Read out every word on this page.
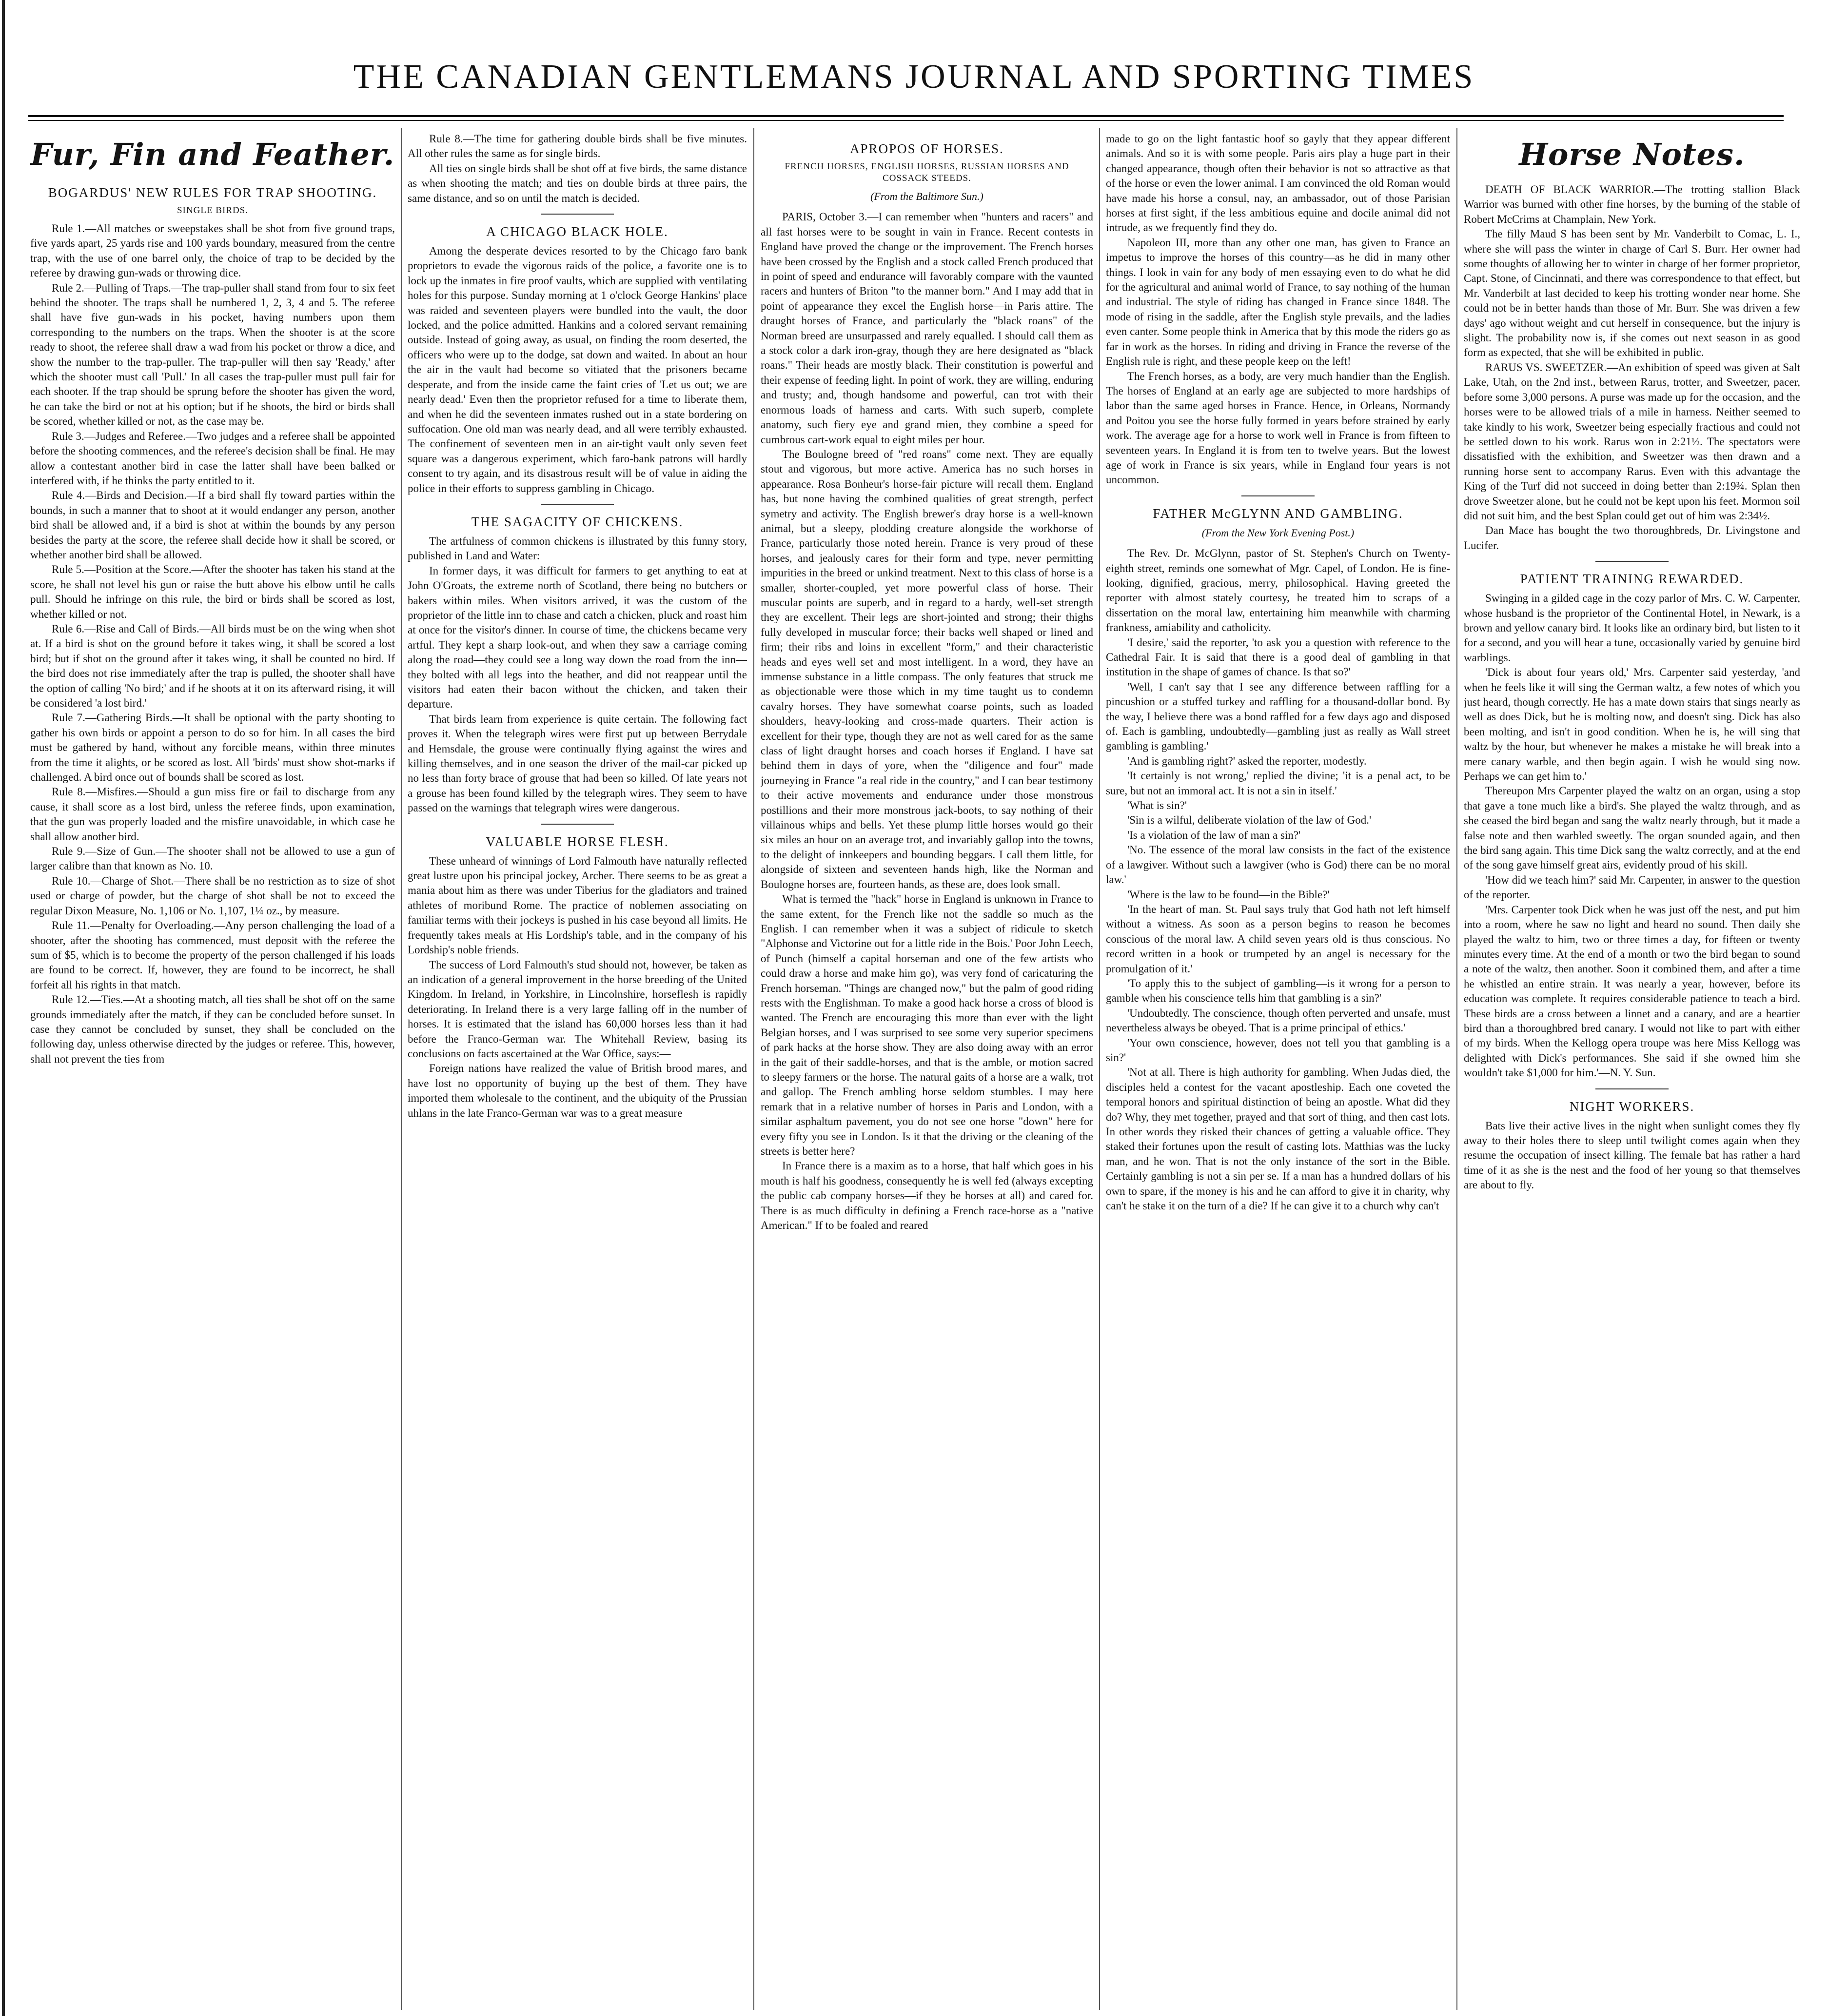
THE CANADIAN GENTLEMANS JOURNAL AND SPORTING TIMES
Fur, Fin and Feather.
BOGARDUS' NEW RULES FOR TRAP SHOOTING.
SINGLE BIRDS.

Rule 1.—All matches or sweepstakes shall be shot from five ground traps, five yards apart, 25 yards rise and 100 yards boundary, measured from the centre trap, with the use of one barrel only, the choice of trap to be decided by the referee by drawing gun-wads or throwing dice.

Rule 2.—Pulling of Traps.—The trap-puller shall stand from four to six feet behind the shooter. The traps shall be numbered 1, 2, 3, 4 and 5. The referee shall have five gun-wads in his pocket, having numbers upon them corresponding to the numbers on the traps. When the shooter is at the score ready to shoot, the referee shall draw a wad from his pocket or throw a dice, and show the number to the trap-puller. The trap-puller will then say 'Ready,' after which the shooter must call 'Pull.' In all cases the trap-puller must pull fair for each shooter. If the trap should be sprung before the shooter has given the word, he can take the bird or not at his option; but if he shoots, the bird or birds shall be scored, whether killed or not, as the case may be.

Rule 3.—Judges and Referee.—Two judges and a referee shall be appointed before the shooting commences, and the referee's decision shall be final. He may allow a contestant another bird in case the latter shall have been balked or interfered with, if he thinks the party entitled to it.

Rule 4.—Birds and Decision.—If a bird shall fly toward parties within the bounds, in such a manner that to shoot at it would endanger any person, another bird shall be allowed and, if a bird is shot at within the bounds by any person besides the party at the score, the referee shall decide how it shall be scored, or whether another bird shall be allowed.

Rule 5.—Position at the Score.—After the shooter has taken his stand at the score, he shall not level his gun or raise the butt above his elbow until he calls pull. Should he infringe on this rule, the bird or birds shall be scored as lost, whether killed or not.

Rule 6.—Rise and Call of Birds.—All birds must be on the wing when shot at. If a bird is shot on the ground before it takes wing, it shall be scored a lost bird; but if shot on the ground after it takes wing, it shall be counted no bird. If the bird does not rise immediately after the trap is pulled, the shooter shall have the option of calling 'No bird;' and if he shoots at it on its afterward rising, it will be considered 'a lost bird.'

Rule 7.—Gathering Birds.—It shall be optional with the party shooting to gather his own birds or appoint a person to do so for him. In all cases the bird must be gathered by hand, without any forcible means, within three minutes from the time it alights, or be scored as lost. All 'birds' must show shot-marks if challenged. A bird once out of bounds shall be scored as lost.

Rule 8.—Misfires.—Should a gun miss fire or fail to discharge from any cause, it shall score as a lost bird, unless the referee finds, upon examination, that the gun was properly loaded and the misfire unavoidable, in which case he shall allow another bird.

Rule 9.—Size of Gun.—The shooter shall not be allowed to use a gun of larger calibre than that known as No. 10.

Rule 10.—Charge of Shot.—There shall be no restriction as to size of shot used or charge of powder, but the charge of shot shall be not to exceed the regular Dixon Measure, No. 1,106 or No. 1,107, 1¼ oz., by measure.

Rule 11.—Penalty for Overloading.—Any person challenging the load of a shooter, after the shooting has commenced, must deposit with the referee the sum of $5, which is to become the property of the person challenged if his loads are found to be correct. If, however, they are found to be incorrect, he shall forfeit all his rights in that match.

Rule 12.—Ties.—At a shooting match, all ties shall be shot off on the same grounds immediately after the match, if they can be concluded before sunset. In case they cannot be concluded by sunset, they shall be concluded on the following day, unless otherwise directed by the judges or referee. This, however, shall not prevent the ties from

Rule 8.—The time for gathering double birds shall be five minutes. All other rules the same as for single birds.

All ties on single birds shall be shot off at five birds, the same distance as when shooting the match; and ties on double birds at three pairs, the same distance, and so on until the match is decided.

A CHICAGO BLACK HOLE.

Among the desperate devices resorted to by the Chicago faro bank proprietors to evade the vigorous raids of the police, a favorite one is to lock up the inmates in fire proof vaults, which are supplied with ventilating holes for this purpose. Sunday morning at 1 o'clock George Hankins' place was raided and seventeen players were bundled into the vault, the door locked, and the police admitted. Hankins and a colored servant remaining outside. Instead of going away, as usual, on finding the room deserted, the officers who were up to the dodge, sat down and waited. In about an hour the air in the vault had become so vitiated that the prisoners became desperate, and from the inside came the faint cries of 'Let us out; we are nearly dead.' Even then the proprietor refused for a time to liberate them, and when he did the seventeen inmates rushed out in a state bordering on suffocation. One old man was nearly dead, and all were terribly exhausted. The confinement of seventeen men in an air-tight vault only seven feet square was a dangerous experiment, which faro-bank patrons will hardly consent to try again, and its disastrous result will be of value in aiding the police in their efforts to suppress gambling in Chicago.

THE SAGACITY OF CHICKENS.

The artfulness of common chickens is illustrated by this funny story, published in Land and Water:

In former days, it was difficult for farmers to get anything to eat at John O'Groats, the extreme north of Scotland, there being no butchers or bakers within miles. When visitors arrived, it was the custom of the proprietor of the little inn to chase and catch a chicken, pluck and roast him at once for the visitor's dinner. In course of time, the chickens became very artful. They kept a sharp look-out, and when they saw a carriage coming along the road—they could see a long way down the road from the inn—they bolted with all legs into the heather, and did not reappear until the visitors had eaten their bacon without the chicken, and taken their departure.

That birds learn from experience is quite certain. The following fact proves it. When the telegraph wires were first put up between Berrydale and Hemsdale, the grouse were continually flying against the wires and killing themselves, and in one season the driver of the mail-car picked up no less than forty brace of grouse that had been so killed. Of late years not a grouse has been found killed by the telegraph wires. They seem to have passed on the warnings that telegraph wires were dangerous.

VALUABLE HORSE FLESH.

These unheard of winnings of Lord Falmouth have naturally reflected great lustre upon his principal jockey, Archer. There seems to be as great a mania about him as there was under Tiberius for the gladiators and trained athletes of moribund Rome. The practice of noblemen associating on familiar terms with their jockeys is pushed in his case beyond all limits. He frequently takes meals at His Lordship's table, and in the company of his Lordship's noble friends.

The success of Lord Falmouth's stud should not, however, be taken as an indication of a general improvement in the horse breeding of the United Kingdom. In Ireland, in Yorkshire, in Lincolnshire, horseflesh is rapidly deteriorating. In Ireland there is a very large falling off in the number of horses. It is estimated that the island has 60,000 horses less than it had before the Franco-German war. The Whitehall Review, basing its conclusions on facts ascertained at the War Office, says:—

Foreign nations have realized the value of British brood mares, and have lost no opportunity of buying up the best of them. They have imported them wholesale to the continent, and the ubiquity of the Prussian uhlans in the late Franco-German war was to a great measure

APROPOS OF HORSES.
FRENCH HORSES, ENGLISH HORSES, RUSSIAN HORSES AND COSSACK STEEDS.
(From the Baltimore Sun.)

PARIS, October 3.—I can remember when "hunters and racers" and all fast horses were to be sought in vain in France. Recent contests in England have proved the change or the improvement. The French horses have been crossed by the English and a stock called French produced that in point of speed and endurance will favorably compare with the vaunted racers and hunters of Briton "to the manner born." And I may add that in point of appearance they excel the English horse—in Paris attire. The draught horses of France, and particularly the "black roans" of the Norman breed are unsurpassed and rarely equalled. I should call them as a stock color a dark iron-gray, though they are here designated as "black roans." Their heads are mostly black. Their constitution is powerful and their expense of feeding light. In point of work, they are willing, enduring and trusty; and, though handsome and powerful, can trot with their enormous loads of harness and carts. With such superb, complete anatomy, such fiery eye and grand mien, they combine a speed for cumbrous cart-work equal to eight miles per hour.

The Boulogne breed of "red roans" come next. They are equally stout and vigorous, but more active. America has no such horses in appearance. Rosa Bonheur's horse-fair picture will recall them. England has, but none having the combined qualities of great strength, perfect symetry and activity. The English brewer's dray horse is a well-known animal, but a sleepy, plodding creature alongside the workhorse of France, particularly those noted herein. France is very proud of these horses, and jealously cares for their form and type, never permitting impurities in the breed or unkind treatment. Next to this class of horse is a smaller, shorter-coupled, yet more powerful class of horse. Their muscular points are superb, and in regard to a hardy, well-set strength they are excellent. Their legs are short-jointed and strong; their thighs fully developed in muscular force; their backs well shaped or lined and firm; their ribs and loins in excellent "form," and their characteristic heads and eyes well set and most intelligent. In a word, they have an immense substance in a little compass. The only features that struck me as objectionable were those which in my time taught us to condemn cavalry horses. They have somewhat coarse points, such as loaded shoulders, heavy-looking and cross-made quarters. Their action is excellent for their type, though they are not as well cared for as the same class of light draught horses and coach horses if England. I have sat behind them in days of yore, when the "diligence and four" made journeying in France "a real ride in the country," and I can bear testimony to their active movements and endurance under those monstrous postillions and their more monstrous jack-boots, to say nothing of their villainous whips and bells. Yet these plump little horses would go their six miles an hour on an average trot, and invariably gallop into the towns, to the delight of innkeepers and bounding beggars. I call them little, for alongside of sixteen and seventeen hands high, like the Norman and Boulogne horses are, fourteen hands, as these are, does look small.

What is termed the "hack" horse in England is unknown in France to the same extent, for the French like not the saddle so much as the English. I can remember when it was a subject of ridicule to sketch "Alphonse and Victorine out for a little ride in the Bois.' Poor John Leech, of Punch (himself a capital horseman and one of the few artists who could draw a horse and make him go), was very fond of caricaturing the French horseman. "Things are changed now," but the palm of good riding rests with the Englishman. To make a good hack horse a cross of blood is wanted. The French are encouraging this more than ever with the light Belgian horses, and I was surprised to see some very superior specimens of park hacks at the horse show. They are also doing away with an error in the gait of their saddle-horses, and that is the amble, or motion sacred to sleepy farmers or the horse. The natural gaits of a horse are a walk, trot and gallop. The French ambling horse seldom stumbles. I may here remark that in a relative number of horses in Paris and London, with a similar asphaltum pavement, you do not see one horse "down" here for every fifty you see in London. Is it that the driving or the cleaning of the streets is better here?

In France there is a maxim as to a horse, that half which goes in his mouth is half his goodness, consequently he is well fed (always excepting the public cab company horses—if they be horses at all) and cared for. There is as much difficulty in defining a French race-horse as a "native American." If to be foaled and reared

made to go on the light fantastic hoof so gayly that they appear different animals. And so it is with some people. Paris airs play a huge part in their changed appearance, though often their behavior is not so attractive as that of the horse or even the lower animal. I am convinced the old Roman would have made his horse a consul, nay, an ambassador, out of those Parisian horses at first sight, if the less ambitious equine and docile animal did not intrude, as we frequently find they do.

Napoleon III, more than any other one man, has given to France an impetus to improve the horses of this country—as he did in many other things. I look in vain for any body of men essaying even to do what he did for the agricultural and animal world of France, to say nothing of the human and industrial. The style of riding has changed in France since 1848. The mode of rising in the saddle, after the English style prevails, and the ladies even canter. Some people think in America that by this mode the riders go as far in work as the horses. In riding and driving in France the reverse of the English rule is right, and these people keep on the left!

The French horses, as a body, are very much handier than the English. The horses of England at an early age are subjected to more hardships of labor than the same aged horses in France. Hence, in Orleans, Normandy and Poitou you see the horse fully formed in years before strained by early work. The average age for a horse to work well in France is from fifteen to seventeen years. In England it is from ten to twelve years. But the lowest age of work in France is six years, while in England four years is not uncommon.

FATHER McGLYNN AND GAMBLING.
(From the New York Evening Post.)

The Rev. Dr. McGlynn, pastor of St. Stephen's Church on Twenty-eighth street, reminds one somewhat of Mgr. Capel, of London. He is fine-looking, dignified, gracious, merry, philosophical. Having greeted the reporter with almost stately courtesy, he treated him to scraps of a dissertation on the moral law, entertaining him meanwhile with charming frankness, amiability and catholicity.

'I desire,' said the reporter, 'to ask you a question with reference to the Cathedral Fair. It is said that there is a good deal of gambling in that institution in the shape of games of chance. Is that so?'

'Well, I can't say that I see any difference between raffling for a pincushion or a stuffed turkey and raffling for a thousand-dollar bond. By the way, I believe there was a bond raffled for a few days ago and disposed of. Each is gambling, undoubtedly—gambling just as really as Wall street gambling is gambling.'

'And is gambling right?' asked the reporter, modestly.

'It certainly is not wrong,' replied the divine; 'it is a penal act, to be sure, but not an immoral act. It is not a sin in itself.'

'What is sin?'

'Sin is a wilful, deliberate violation of the law of God.'

'Is a violation of the law of man a sin?'

'No. The essence of the moral law consists in the fact of the existence of a lawgiver. Without such a lawgiver (who is God) there can be no moral law.'

'Where is the law to be found—in the Bible?'

'In the heart of man. St. Paul says truly that God hath not left himself without a witness. As soon as a person begins to reason he becomes conscious of the moral law. A child seven years old is thus conscious. No record written in a book or trumpeted by an angel is necessary for the promulgation of it.'

'To apply this to the subject of gambling—is it wrong for a person to gamble when his conscience tells him that gambling is a sin?'

'Undoubtedly. The conscience, though often perverted and unsafe, must nevertheless always be obeyed. That is a prime principal of ethics.'

'Your own conscience, however, does not tell you that gambling is a sin?'

'Not at all. There is high authority for gambling. When Judas died, the disciples held a contest for the vacant apostleship. Each one coveted the temporal honors and spiritual distinction of being an apostle. What did they do? Why, they met together, prayed and that sort of thing, and then cast lots. In other words they risked their chances of getting a valuable office. They staked their fortunes upon the result of casting lots. Matthias was the lucky man, and he won. That is not the only instance of the sort in the Bible. Certainly gambling is not a sin per se. If a man has a hundred dollars of his own to spare, if the money is his and he can afford to give it in charity, why can't he stake it on the turn of a die? If he can give it to a church why can't

Horse Notes.

DEATH OF BLACK WARRIOR.—The trotting stallion Black Warrior was burned with other fine horses, by the burning of the stable of Robert McCrims at Champlain, New York.

The filly Maud S has been sent by Mr. Vanderbilt to Comac, L. I., where she will pass the winter in charge of Carl S. Burr. Her owner had some thoughts of allowing her to winter in charge of her former proprietor, Capt. Stone, of Cincinnati, and there was correspondence to that effect, but Mr. Vanderbilt at last decided to keep his trotting wonder near home. She could not be in better hands than those of Mr. Burr. She was driven a few days' ago without weight and cut herself in consequence, but the injury is slight. The probability now is, if she comes out next season in as good form as expected, that she will be exhibited in public.

RARUS VS. SWEETZER.—An exhibition of speed was given at Salt Lake, Utah, on the 2nd inst., between Rarus, trotter, and Sweetzer, pacer, before some 3,000 persons. A purse was made up for the occasion, and the horses were to be allowed trials of a mile in harness. Neither seemed to take kindly to his work, Sweetzer being especially fractious and could not be settled down to his work. Rarus won in 2:21½. The spectators were dissatisfied with the exhibition, and Sweetzer was then drawn and a running horse sent to accompany Rarus. Even with this advantage the King of the Turf did not succeed in doing better than 2:19¾. Splan then drove Sweetzer alone, but he could not be kept upon his feet. Mormon soil did not suit him, and the best Splan could get out of him was 2:34½.

Dan Mace has bought the two thoroughbreds, Dr. Livingstone and Lucifer.

PATIENT TRAINING REWARDED.

Swinging in a gilded cage in the cozy parlor of Mrs. C. W. Carpenter, whose husband is the proprietor of the Continental Hotel, in Newark, is a brown and yellow canary bird. It looks like an ordinary bird, but listen to it for a second, and you will hear a tune, occasionally varied by genuine bird warblings.

'Dick is about four years old,' Mrs. Carpenter said yesterday, 'and when he feels like it will sing the German waltz, a few notes of which you just heard, though correctly. He has a mate down stairs that sings nearly as well as does Dick, but he is molting now, and doesn't sing. Dick has also been molting, and isn't in good condition. When he is, he will sing that waltz by the hour, but whenever he makes a mistake he will break into a mere canary warble, and then begin again. I wish he would sing now. Perhaps we can get him to.'

Thereupon Mrs Carpenter played the waltz on an organ, using a stop that gave a tone much like a bird's. She played the waltz through, and as she ceased the bird began and sang the waltz nearly through, but it made a false note and then warbled sweetly. The organ sounded again, and then the bird sang again. This time Dick sang the waltz correctly, and at the end of the song gave himself great airs, evidently proud of his skill.

'How did we teach him?' said Mr. Carpenter, in answer to the question of the reporter.

'Mrs. Carpenter took Dick when he was just off the nest, and put him into a room, where he saw no light and heard no sound. Then daily she played the waltz to him, two or three times a day, for fifteen or twenty minutes every time. At the end of a month or two the bird began to sound a note of the waltz, then another. Soon it combined them, and after a time he whistled an entire strain. It was nearly a year, however, before its education was complete. It requires considerable patience to teach a bird. These birds are a cross between a linnet and a canary, and are a heartier bird than a thoroughbred bred canary. I would not like to part with either of my birds. When the Kellogg opera troupe was here Miss Kellogg was delighted with Dick's performances. She said if she owned him she wouldn't take $1,000 for him.'—N. Y. Sun.

NIGHT WORKERS.

Bats live their active lives in the night when sunlight comes they fly away to their holes there to sleep until twilight comes again when they resume the occupation of insect killing. The female bat has rather a hard time of it as she is the nest and the food of her young so that themselves are about to fly.
